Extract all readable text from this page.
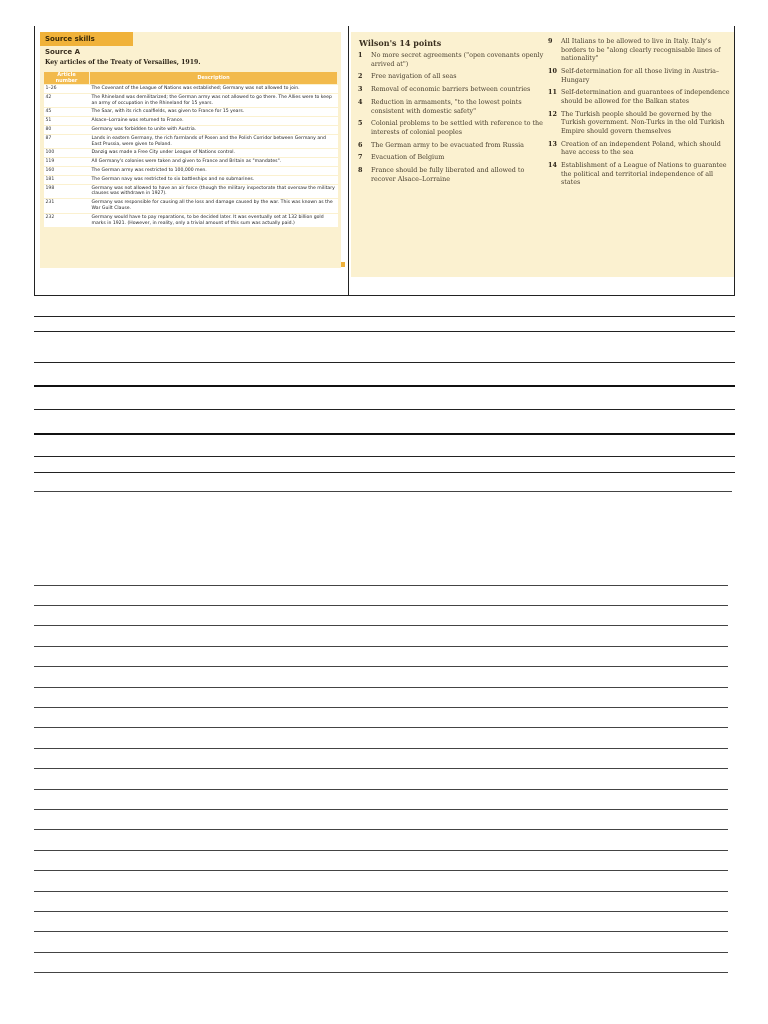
Source skills
Source A
Key articles of the Treaty of Versailles, 1919.
Article number	Description
1–26	The Covenant of the League of Nations was established; Germany was not allowed to join.
42	The Rhineland was demilitarized; the German army was not allowed to go there. The Allies were to keep an army of occupation in the Rhineland for 15 years.
45	The Saar, with its rich coalfields, was given to France for 15 years.
51	Alsace–Lorraine was returned to France.
80	Germany was forbidden to unite with Austria.
87	Lands in eastern Germany, the rich farmlands of Posen and the Polish Corridor between Germany and East Prussia, were given to Poland.
100	Danzig was made a Free City under League of Nations control.
119	All Germany's colonies were taken and given to France and Britain as "mandates".
160	The German army was restricted to 100,000 men.
181	The German navy was restricted to six battleships and no submarines.
198	Germany was not allowed to have an air force (though the military inspectorate that oversaw the military clauses was withdrawn in 1927).
231	Germany was responsible for causing all the loss and damage caused by the war. This was known as the War Guilt Clause.
232	Germany would have to pay reparations, to be decided later. It was eventually set at 132 billion gold marks in 1921. (However, in reality, only a trivial amount of this sum was actually paid.)
Wilson's 14 points
1	No more secret agreements ("open covenants openly arrived at")
2	Free navigation of all seas
3	Removal of economic barriers between countries
4	Reduction in armaments, "to the lowest points consistent with domestic safety"
5	Colonial problems to be settled with reference to the interests of colonial peoples
6	The German army to be evacuated from Russia
7	Evacuation of Belgium
8	France should be fully liberated and allowed to recover Alsace–Lorraine
9	All Italians to be allowed to live in Italy. Italy's borders to be "along clearly recognisable lines of nationality"
10 Self-determination for all those living in Austria–Hungary
11 Self-determination and guarantees of independence should be allowed for the Balkan states
12 The Turkish people should be governed by the Turkish government. Non-Turks in the old Turkish Empire should govern themselves
13 Creation of an independent Poland, which should have access to the sea
14 Establishment of a League of Nations to guarantee the political and territorial independence of all states
